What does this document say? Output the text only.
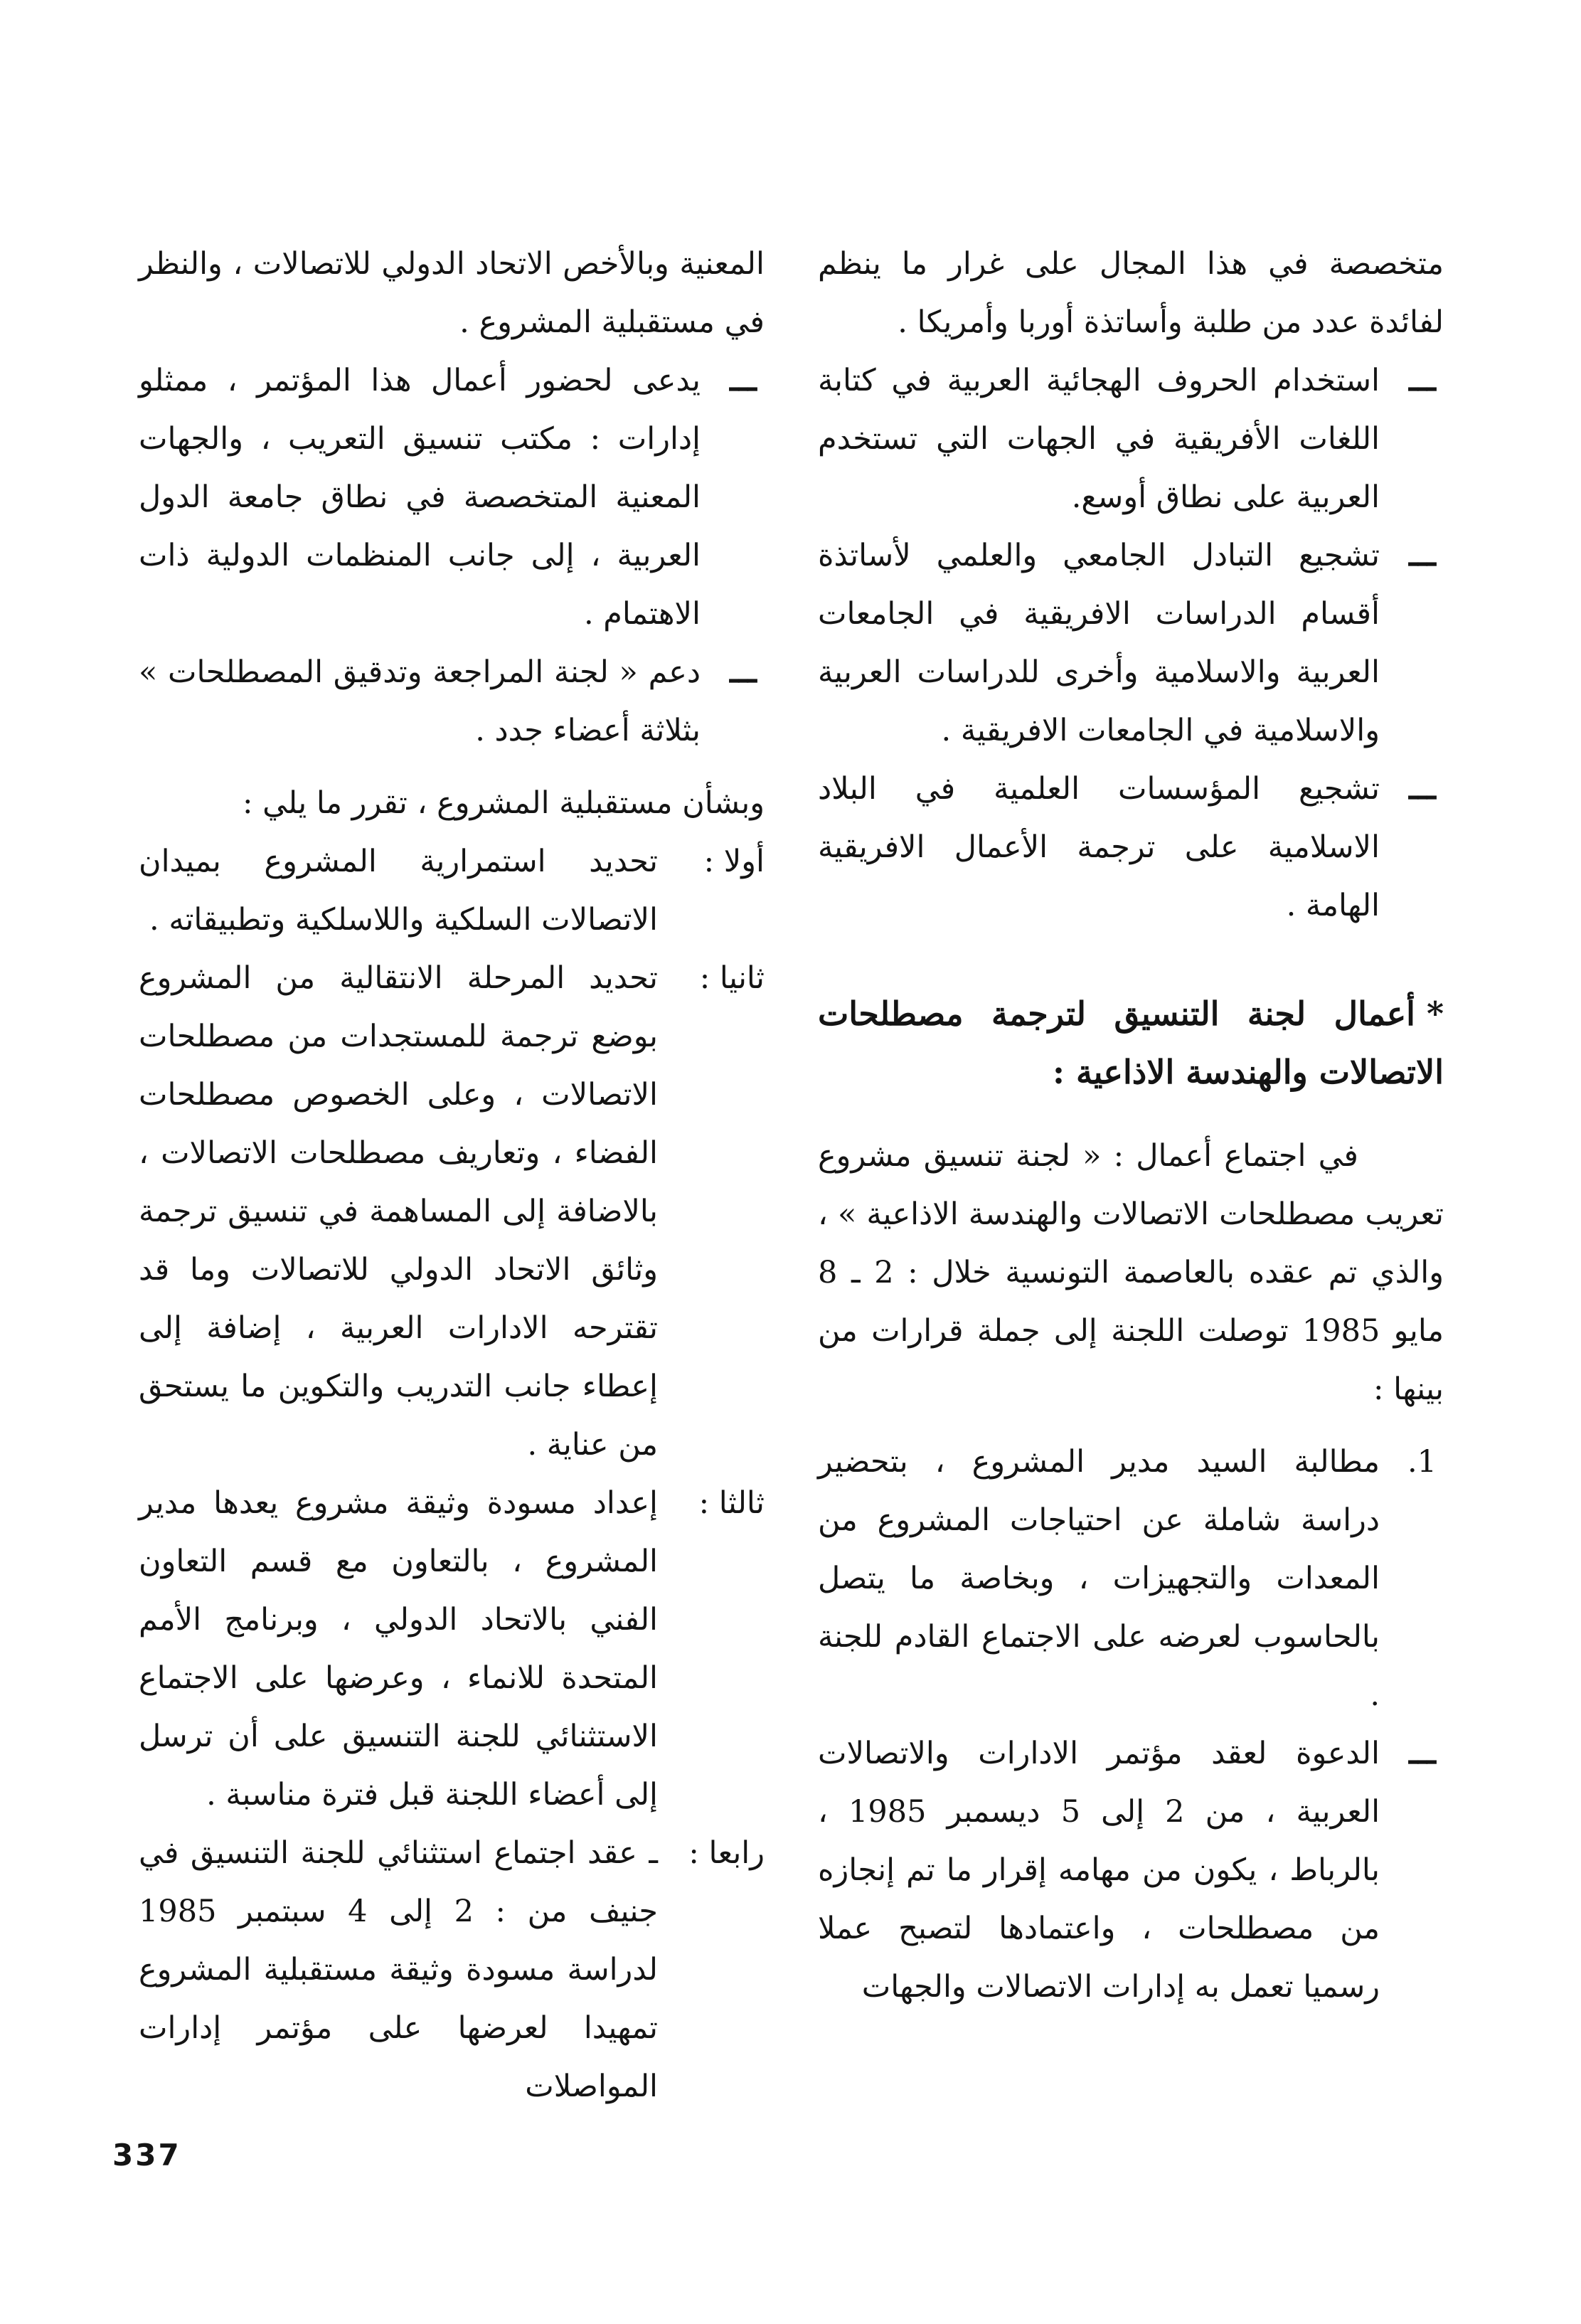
متخصصة في هذا المجال على غرار ما ينظم لفائدة عدد من طلبة وأساتذة أوربا وأمريكا .

ـــ

استخدام الحروف الهجائية العربية في كتابة اللغات الأفريقية في الجهات التي تستخدم العربية على نطاق أوسع.

ـــ

تشجيع التبادل الجامعي والعلمي لأساتذة أقسام الدراسات الافريقية في الجامعات العربية والاسلامية وأخرى للدراسات العربية والاسلامية في الجامعات الافريقية .

ـــ

تشجيع المؤسسات العلمية في البلاد الاسلامية على ترجمة الأعمال الافريقية الهامة .

*أعمال لجنة التنسيق لترجمة مصطلحات الاتصالات والهندسة الاذاعية :

في اجتماع أعمال : « لجنة تنسيق مشروع تعريب مصطلحات الاتصالات والهندسة الاذاعية » ، والذي تم عقده بالعاصمة التونسية خلال : 2 ـ 8 مايو 1985 توصلت اللجنة إلى جملة قرارات من بينها :

1.

مطالبة السيد مدير المشروع ، بتحضير دراسة شاملة عن احتياجات المشروع من المعدات والتجهيزات ، وبخاصة ما يتصل بالحاسوب لعرضه على الاجتماع القادم للجنة .

ـــ

الدعوة لعقد مؤتمر الادارات والاتصالات العربية ، من 2 إلى 5 ديسمبر 1985 ، بالرباط ، يكون من مهامه إقرار ما تم إنجازه من مصطلحات ، واعتمادها لتصبح عملا رسميا تعمل به إدارات الاتصالات والجهات

المعنية وبالأخص الاتحاد الدولي للاتصالات ، والنظر في مستقبلية المشروع .

ـــ

يدعى لحضور أعمال هذا المؤتمر ، ممثلو إدارات : مكتب تنسيق التعريب ، والجهات المعنية المتخصصة في نطاق جامعة الدول العربية ، إلى جانب المنظمات الدولية ذات الاهتمام .

ـــ

دعم « لجنة المراجعة وتدقيق المصطلحات » بثلاثة أعضاء جدد .

وبشأن مستقبلية المشروع ، تقرر ما يلي :

أولا :

تحديد استمرارية المشروع بميدان الاتصالات السلكية واللاسلكية وتطبيقاته .

ثانيا :

تحديد المرحلة الانتقالية من المشروع بوضع ترجمة للمستجدات من مصطلحات الاتصالات ، وعلى الخصوص مصطلحات الفضاء ، وتعاريف مصطلحات الاتصالات ، بالاضافة إلى المساهمة في تنسيق ترجمة وثائق الاتحاد الدولي للاتصالات وما قد تقترحه الادارات العربية ، إضافة إلى إعطاء جانب التدريب والتكوين ما يستحق من عناية .

ثالثا :

إعداد مسودة وثيقة مشروع يعدها مدير المشروع ، بالتعاون مع قسم التعاون الفني بالاتحاد الدولي ، وبرنامج الأمم المتحدة للانماء ، وعرضها على الاجتماع الاستثنائي للجنة التنسيق على أن ترسل إلى أعضاء اللجنة قبل فترة مناسبة .

رابعا :

ـ عقد اجتماع استثنائي للجنة التنسيق في جنيف من : 2 إلى 4 سبتمبر 1985 لدراسة مسودة وثيقة مستقبلية المشروع تمهيدا لعرضها على مؤتمر إدارات المواصلات

337
